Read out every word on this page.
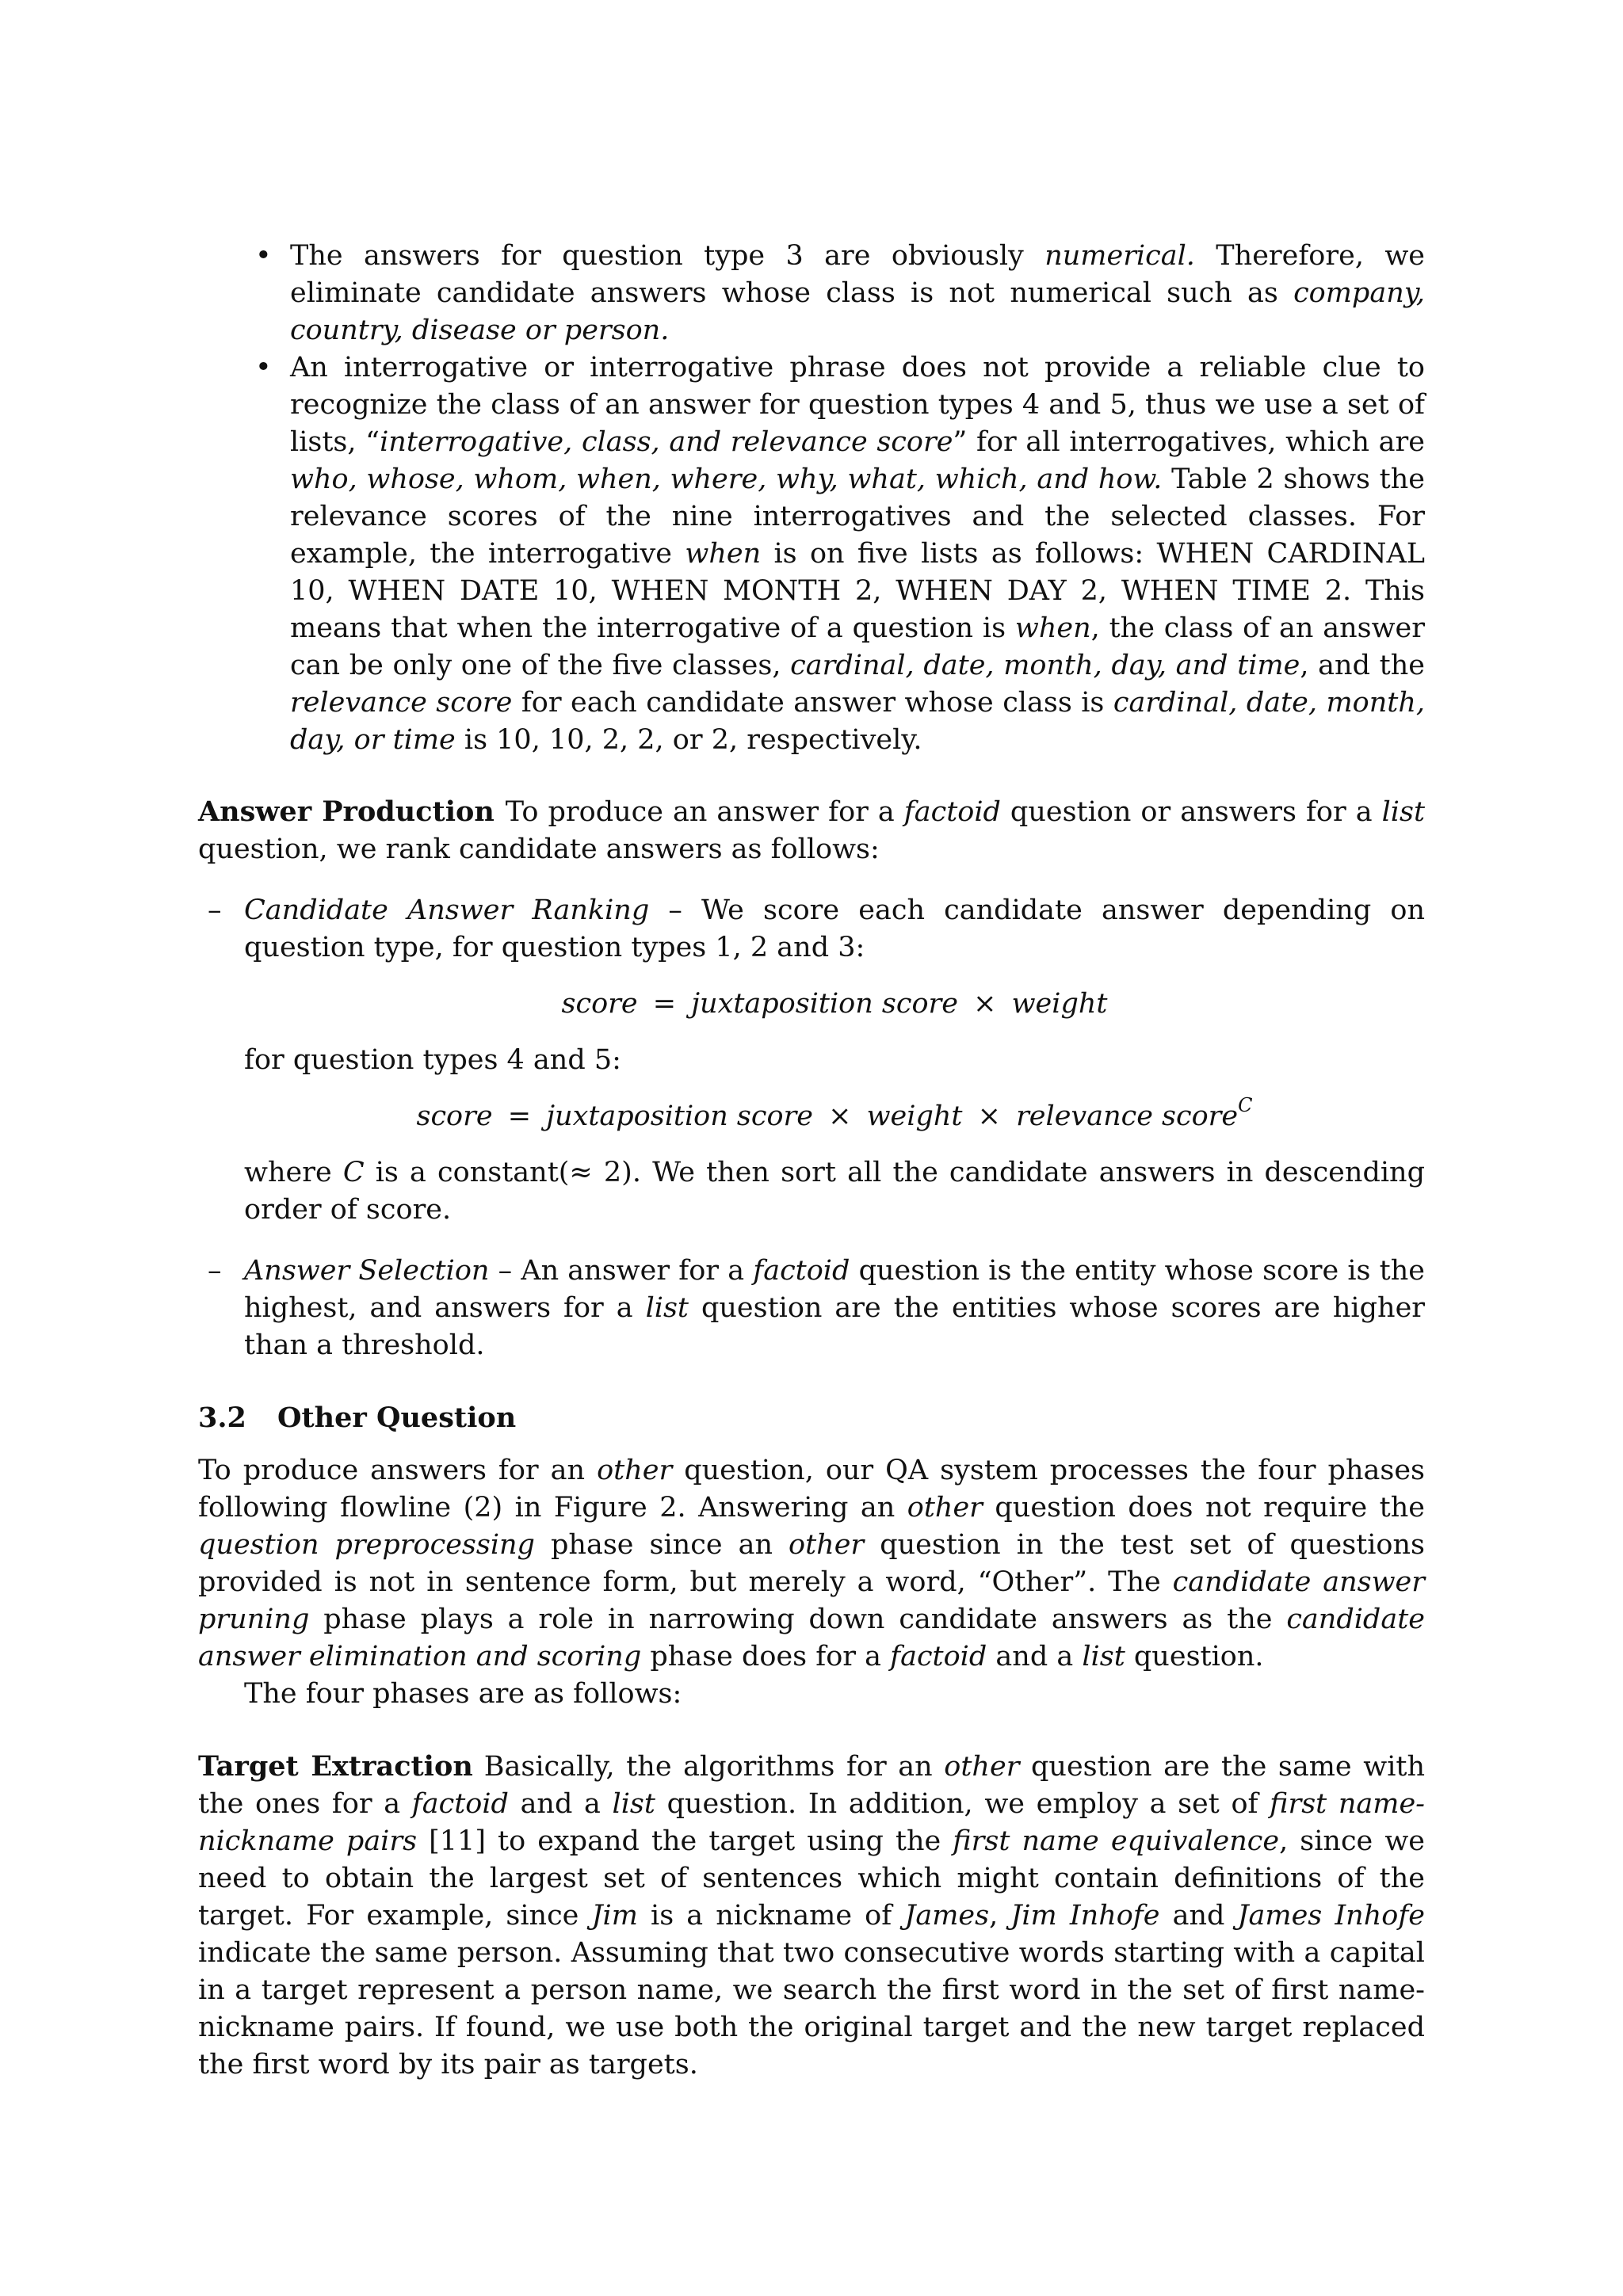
• The answers for question type 3 are obviously numerical. Therefore, we eliminate candidate answers whose class is not numerical such as company, country, disease or person.
• An interrogative or interrogative phrase does not provide a reliable clue to recognize the class of an answer for question types 4 and 5, thus we use a set of lists, “interrogative, class, and relevance score” for all interrogatives, which are who, whose, whom, when, where, why, what, which, and how. Table 2 shows the relevance scores of the nine interrogatives and the selected classes. For example, the interrogative when is on five lists as follows: WHEN CARDINAL 10, WHEN DATE 10, WHEN MONTH 2, WHEN DAY 2, WHEN TIME 2. This means that when the interrogative of a question is when, the class of an answer can be only one of the five classes, cardinal, date, month, day, and time, and the relevance score for each candidate answer whose class is cardinal, date, month, day, or time is 10, 10, 2, 2, or 2, respectively.

Answer Production To produce an answer for a factoid question or answers for a list question, we rank candidate answers as follows:

– Candidate Answer Ranking – We score each candidate answer depending on question type, for question types 1, 2 and 3:

score = juxtaposition score × weight

for question types 4 and 5:

score = juxtaposition score × weight × relevance score$^C$

where C is a constant(≈ 2). We then sort all the candidate answers in descending order of score.

– Answer Selection – An answer for a factoid question is the entity whose score is the highest, and answers for a list question are the entities whose scores are higher than a threshold.
3.2 Other Question

To produce answers for an other question, our QA system processes the four phases following flowline (2) in Figure 2. Answering an other question does not require the question preprocessing phase since an other question in the test set of questions provided is not in sentence form, but merely a word, “Other”. The candidate answer pruning phase plays a role in narrowing down candidate answers as the candidate answer elimination and scoring phase does for a factoid and a list question.

The four phases are as follows:

Target Extraction Basically, the algorithms for an other question are the same with the ones for a factoid and a list question. In addition, we employ a set of first name-nickname pairs [11] to expand the target using the first name equivalence, since we need to obtain the largest set of sentences which might contain definitions of the target. For example, since Jim is a nickname of James, Jim Inhofe and James Inhofe indicate the same person. Assuming that two consecutive words starting with a capital in a target represent a person name, we search the first word in the set of first name-nickname pairs. If found, we use both the original target and the new target replaced the first word by its pair as targets.
